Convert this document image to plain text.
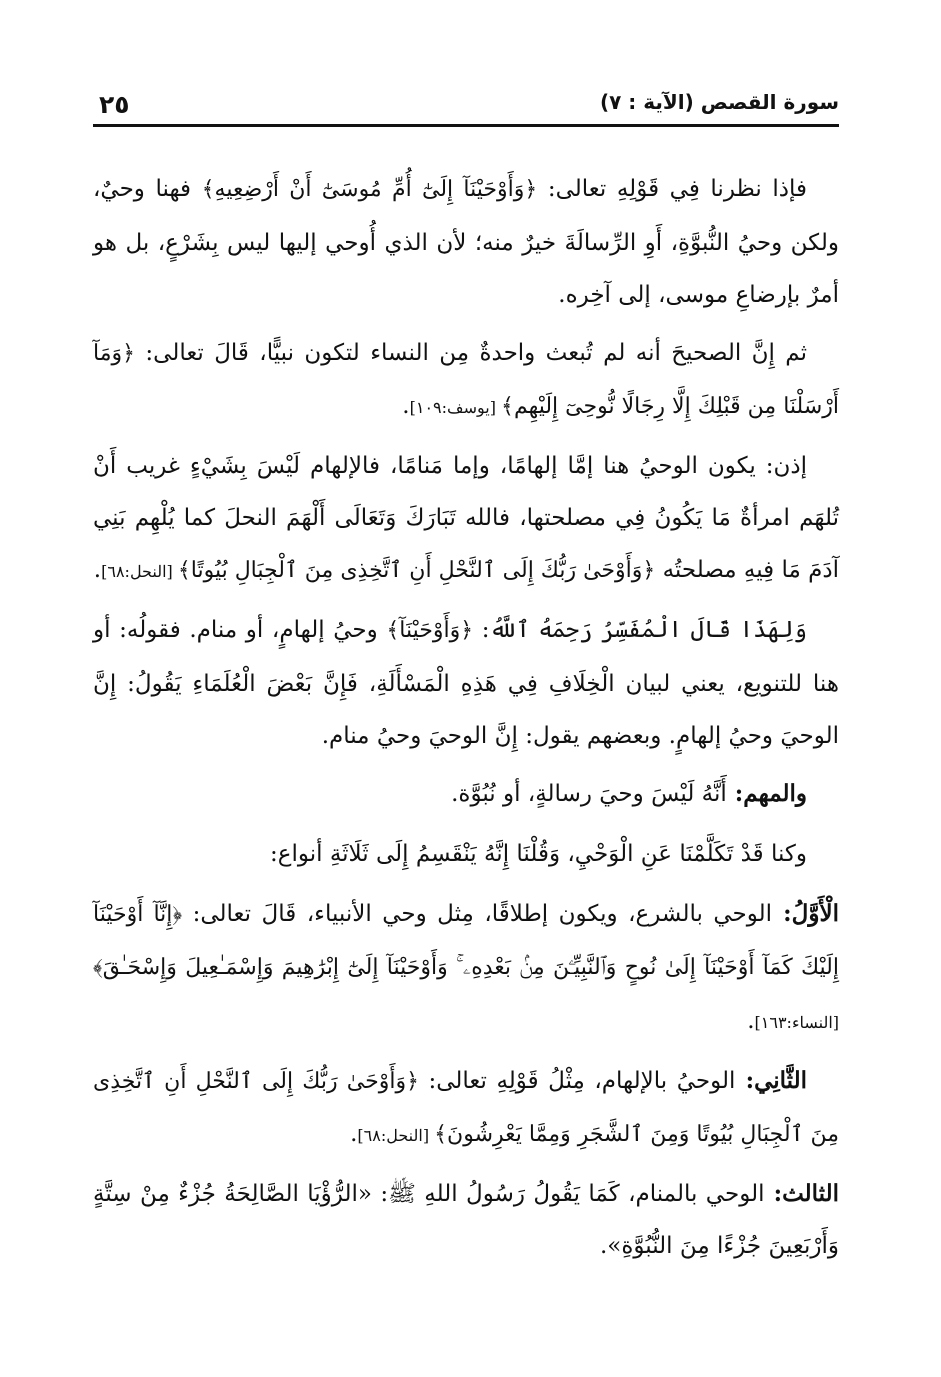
٢٥	سورة القصص (الآية : ٧)

فإذا نظرنا فِي قَوْلِهِ تعالى: ﴿وَأَوْحَيْنَآ إِلَىٰٓ أُمِّ مُوسَىٰٓ أَنْ أَرْضِعِيهِ﴾ فهنا وحيٌ، ولكن وحيُ النُّبوَّةِ، أَوِ الرِّسالَةَ خيرٌ منه؛ لأن الذي أُوحي إليها ليس بِشَرْعٍ، بل هو أمرٌ بإرضاعِ موسى، إلى آخِره.

ثم إِنَّ الصحيحَ أنه لم تُبعث واحدةٌ مِن النساء لتكون نبيًّا، قَالَ تعالى: ﴿وَمَآ أَرْسَلْنَا مِن قَبْلِكَ إِلَّا رِجَالًا نُّوحِىٓ إِلَيْهِم﴾ [يوسف:١٠٩].

إذن: يكون الوحيُ هنا إمَّا إلهامًا، وإما مَنامًا، فالإلهام لَيْسَ بِشَيْءٍ غريب أَنْ تُلهَم امرأةٌ مَا يَكُونُ فِي مصلحتها، فالله تَبَارَكَ وَتَعَالَى أَلْهَمَ النحلَ كما يُلْهِم بَنِي آدَمَ مَا فِيهِ مصلحتُه ﴿وَأَوْحَىٰ رَبُّكَ إِلَى ٱلنَّحْلِ أَنِ ٱتَّخِذِى مِنَ ٱلْجِبَالِ بُيُوتًا﴾ [النحل:٦٨].

وَلِهَذَا قَالَ الْمُفَسِّرُ رَحِمَهُ ٱللَّهُ: ﴿وَأَوْحَيْنَآ﴾ وحيُ إلهامٍ، أو منام. فقولُه: أو هنا للتنويع، يعني لبيان الْخِلَافِ فِي هَذِهِ الْمَسْأَلَةِ، فَإِنَّ بَعْضَ الْعُلَمَاءِ يَقُولُ: إِنَّ الوحيَ وحيُ إلهامٍ. وبعضهم يقول: إِنَّ الوحيَ وحيُ منام.

والمهم: أَنَّهُ لَيْسَ وحيَ رسالةٍ، أو نُبُوَّة.

وكنا قَدْ تَكَلَّمْنَا عَنِ الْوَحْيِ، وَقُلْنَا إِنَّهُ يَنْقَسِمُ إِلَى ثَلَاثَةِ أنواع:

الْأَوَّلُ: الوحي بالشرع، ويكون إطلاقًا، مِثل وحي الأنبياء، قَالَ تعالى: ﴿إِنَّآ أَوْحَيْنَآ إِلَيْكَ كَمَآ أَوْحَيْنَآ إِلَىٰ نُوحٍ وَٱلنَّبِيِّـۧنَ مِنۢ بَعْدِهِۦ ۚ وَأَوْحَيْنَآ إِلَىٰٓ إِبْرَٰهِيمَ وَإِسْمَـٰعِيلَ وَإِسْحَـٰقَ﴾ [النساء:١٦٣].

الثَّانِي: الوحيُ بالإلهام، مِثْلُ قَوْلِهِ تعالى: ﴿وَأَوْحَىٰ رَبُّكَ إِلَى ٱلنَّحْلِ أَنِ ٱتَّخِذِى مِنَ ٱلْجِبَالِ بُيُوتًا وَمِنَ ٱلشَّجَرِ وَمِمَّا يَعْرِشُونَ﴾ [النحل:٦٨].

الثالث: الوحي بالمنام، كَمَا يَقُولُ رَسُولُ اللهِ ﷺ: «الرُّؤْيَا الصَّالِحَةُ جُزْءٌ مِنْ سِتَّةٍ وَأَرْبَعِينَ جُزْءًا مِنَ النُّبُوَّةِ».
